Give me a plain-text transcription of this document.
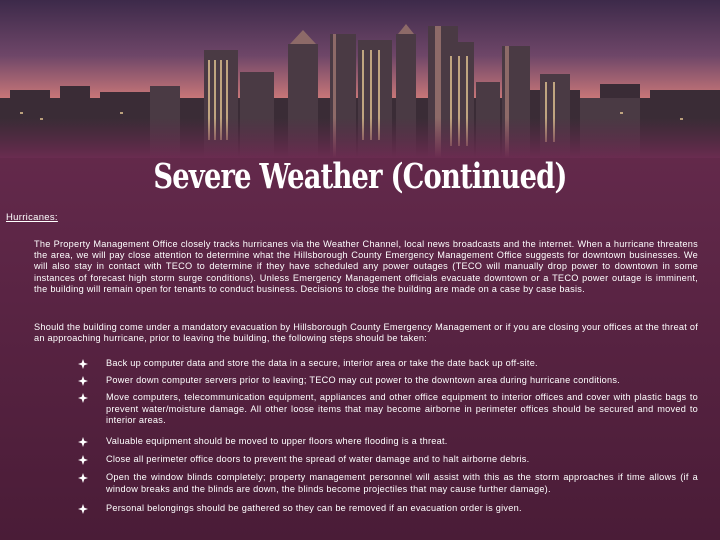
Severe Weather (Continued)
Hurricanes:
The Property Management Office closely tracks hurricanes via the Weather Channel, local news broadcasts and the internet. When a hurricane threatens the area, we will pay close attention to determine what the Hillsborough County Emergency Management Office suggests for downtown businesses. We will also stay in contact with TECO to determine if they have scheduled any power outages (TECO will manually drop power to downtown in some instances of forecast high storm surge conditions). Unless Emergency Management officials evacuate downtown or a TECO power outage is imminent, the building will remain open for tenants to conduct business. Decisions to close the building are made on a case by case basis.
Should the building come under a mandatory evacuation by Hillsborough County Emergency Management or if you are closing your offices at the threat of an approaching hurricane, prior to leaving the building, the following steps should be taken:
Back up computer data and store the data in a secure, interior area or take the date back up off-site.
Power down computer servers prior to leaving; TECO may cut power to the downtown area during hurricane conditions.
Move computers, telecommunication equipment, appliances and other office equipment to interior offices and cover with plastic bags to prevent water/moisture damage. All other loose items that may become airborne in perimeter offices should be secured and moved to interior areas.
Valuable equipment should be moved to upper floors where flooding is a threat.
Close all perimeter office doors to prevent the spread of water damage and to halt airborne debris.
Open the window blinds completely; property management personnel will assist with this as the storm approaches if time allows (if a window breaks and the blinds are down, the blinds become projectiles that may cause further damage).
Personal belongings should be gathered so they can be removed if an evacuation order is given.
